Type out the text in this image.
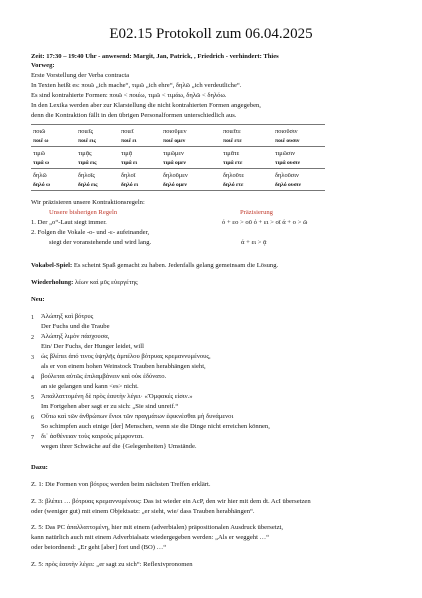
E02.15 Protokoll zum 06.04.2025
Zeit: 17:30 – 19:40 Uhr - anwesend: Margit, Jan, Patrick, , Friedrich - verhindert: Thies
Vorweg:
Erste Vorstellung der Verba contracta
In Texten heißt es: ποιῶ „ich mache“, τιμῶ „ich ehre“, δηλῶ „ich verdeutliche“.
Es sind kontrahierte Formen: ποιῶ < ποιέω, τιμῶ < τιμάω, δηλῶ < δηλόω.
In den Lexika werden aber zur Klarstellung die nicht kontrahierten Formen angegeben,
denn die Kontraktion fällt in den übrigen Personalformen unterschiedlich aus.
ποιῶ	ποιεῖς	ποιεῖ	ποιοῦμεν	ποιεῖτε	ποιοῦσιν
ποιέ ω	ποιέ εις	ποιέ ει	ποιέ ομεν	ποιέ ετε	ποιέ ουσιν
τιμῶ	τιμᾷς	τιμᾷ	τιμῶμεν	τιμᾶτε	τιμῶσιν
τιμά ω	τιμά εις	τιμά ει	τιμά ομεν	τιμά ετε	τιμά ουσιν
δηλῶ	δηλοῖς	δηλοῖ	δηλοῦμεν	δηλοῦτε	δηλοῦσιν
δηλό ω	δηλό εις	δηλό ει	δηλό ομεν	δηλό ετε	δηλό ουσιν
Wir präzisieren unsere Kontraktionsregeln:
Unsere bisherigen Regeln	Präzisierung
1. Der „o“-Laut siegt immer.	ό + εο > οῦ ό + ει > οῖ ά + ο > ῶ
2. Folgen die Vokale -o- und -ε- aufeinander,
siegt der voranstehende und wird lang.	ά + ει > ᾷ
Vokabel-Spiel: Es scheint Spaß gemacht zu haben. Jedenfalls gelang gemeinsam die Lösung.
Wiederholung: λέων καὶ μῦς εὐεργέτης
Neu:
1 Ἀλώπηξ καὶ βότρυς
Der Fuchs und die Traube
2 Ἀλώπηξ λιμὸν πάσχουσα,
Ein/ Der Fuchs, der Hunger leidet, will
3 ὡς βλέπει ἀπό τινος ὑψηλῆς ἀμπέλου βότρυας κρεμαννυμένους,
als er von einem hohen Weinstock Trauben herabhängen sieht,
4 βούλεται αὐτῶς ἐπιλαμβάνειν καὶ οὐκ ἐδύνατο.
an sie gelangen und kann <es> nicht.
5 Ἀπαλλαττομένη δὲ πρὸς ἑαυτὴν λέγει· «Ὄμφακές εἰσιν.»
Im Fortgehen aber sagt er zu sich: „Sie sind unreif.“
6 Οὕτω καὶ τῶν ἀνθρώπων ἔνιοι τῶν πραγμάτων ἐφικνέσθαι μὴ δυνάμενοι
So schimpfen auch einige [der] Menschen, wenn sie die Dinge nicht erreichen können,
7 δι᾽ ἀσθένειαν τοὺς καιροὺς μέμφονται.
wegen ihrer Schwäche auf die {Gelegenheiten} Umstände.
Dazu:
Z. 1: Die Formen von βότρυς werden beim nächsten Treffen erklärt.
Z. 3: βλέπει … βότρυας κρεμαννυμένους: Das ist wieder ein AcP, den wir hier mit dem dt. AcI übersetzen
oder (weniger gut) mit einem Objektsatz: „er sieht, wie/ dass Trauben herabhängen“.
Z. 5: Das PC ἀπαλλαττομένη, hier mit einem (adverbialen) präpositionalen Ausdruck übersetzt,
kann natürlich auch mit einem Adverbialsatz wiedergegeben werden: „Als er weggeht …“
oder beiordnend: „Er geht [aber] fort und (BO) …“
Z. 5: πρὸς ἑαυτὴν λέγει: „er sagt zu sich“: Reflexivpronomen
